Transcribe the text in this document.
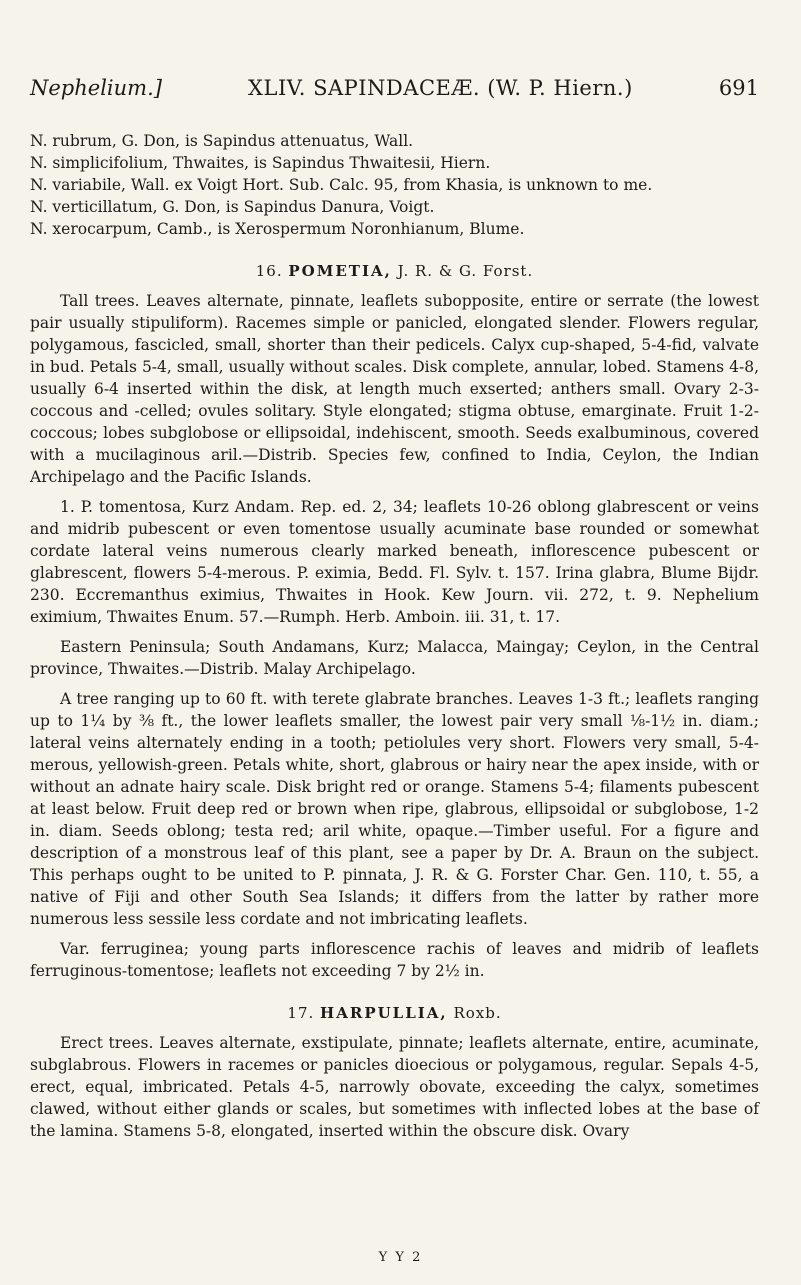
Nephelium.]	XLIV. SAPINDACEÆ. (W. P. Hiern.)	691

N. rubrum, G. Don, is Sapindus attenuatus, Wall.

N. simplicifolium, Thwaites, is Sapindus Thwaitesii, Hiern.

N. variabile, Wall. ex Voigt Hort. Sub. Calc. 95, from Khasia, is unknown to me.

N. verticillatum, G. Don, is Sapindus Danura, Voigt.

N. xerocarpum, Camb., is Xerospermum Noronhianum, Blume.

16. POMETIA, J. R. & G. Forst.

Tall trees. Leaves alternate, pinnate, leaflets subopposite, entire or serrate (the lowest pair usually stipuliform). Racemes simple or panicled, elongated slender. Flowers regular, polygamous, fascicled, small, shorter than their pedicels. Calyx cup-shaped, 5-4-fid, valvate in bud. Petals 5-4, small, usually without scales. Disk complete, annular, lobed. Stamens 4-8, usually 6-4 inserted within the disk, at length much exserted; anthers small. Ovary 2-3-coccous and -celled; ovules solitary. Style elongated; stigma obtuse, emarginate. Fruit 1-2-coccous; lobes subglobose or ellipsoidal, indehiscent, smooth. Seeds exalbuminous, covered with a mucilaginous aril.—Distrib. Species few, confined to India, Ceylon, the Indian Archipelago and the Pacific Islands.

1. P. tomentosa, Kurz Andam. Rep. ed. 2, 34; leaflets 10-26 oblong glabrescent or veins and midrib pubescent or even tomentose usually acuminate base rounded or somewhat cordate lateral veins numerous clearly marked beneath, inflorescence pubescent or glabrescent, flowers 5-4-merous. P. eximia, Bedd. Fl. Sylv. t. 157. Irina glabra, Blume Bijdr. 230. Eccremanthus eximius, Thwaites in Hook. Kew Journ. vii. 272, t. 9. Nephelium eximium, Thwaites Enum. 57.—Rumph. Herb. Amboin. iii. 31, t. 17.

Eastern Peninsula; South Andamans, Kurz; Malacca, Maingay; Ceylon, in the Central province, Thwaites.—Distrib. Malay Archipelago.

A tree ranging up to 60 ft. with terete glabrate branches. Leaves 1-3 ft.; leaflets ranging up to 1¼ by ⅜ ft., the lower leaflets smaller, the lowest pair very small ⅛-1½ in. diam.; lateral veins alternately ending in a tooth; petiolules very short. Flowers very small, 5-4-merous, yellowish-green. Petals white, short, glabrous or hairy near the apex inside, with or without an adnate hairy scale. Disk bright red or orange. Stamens 5-4; filaments pubescent at least below. Fruit deep red or brown when ripe, glabrous, ellipsoidal or subglobose, 1-2 in. diam. Seeds oblong; testa red; aril white, opaque.—Timber useful. For a figure and description of a monstrous leaf of this plant, see a paper by Dr. A. Braun on the subject. This perhaps ought to be united to P. pinnata, J. R. & G. Forster Char. Gen. 110, t. 55, a native of Fiji and other South Sea Islands; it differs from the latter by rather more numerous less sessile less cordate and not imbricating leaflets.

Var. ferruginea; young parts inflorescence rachis of leaves and midrib of leaflets ferruginous-tomentose; leaflets not exceeding 7 by 2½ in.

17. HARPULLIA, Roxb.

Erect trees. Leaves alternate, exstipulate, pinnate; leaflets alternate, entire, acuminate, subglabrous. Flowers in racemes or panicles dioecious or polygamous, regular. Sepals 4-5, erect, equal, imbricated. Petals 4-5, narrowly obovate, exceeding the calyx, sometimes clawed, without either glands or scales, but sometimes with inflected lobes at the base of the lamina. Stamens 5-8, elongated, inserted within the obscure disk. Ovary

Y Y 2
